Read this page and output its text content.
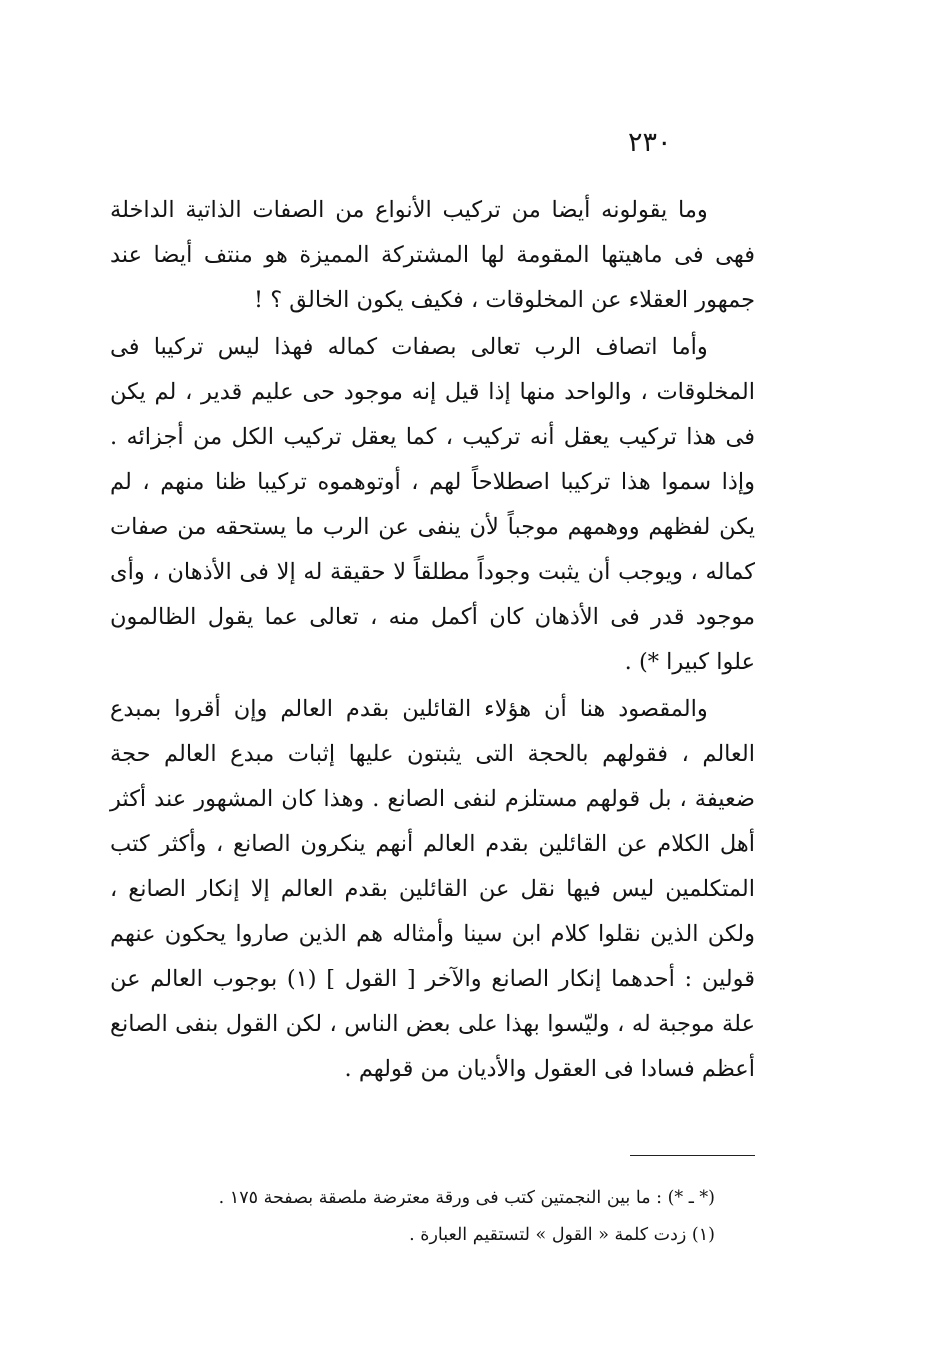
٢٣٠

وما يقولونه أيضا من تركيب الأنواع من الصفات الذاتية الداخلة فهى فى ماهيتها المقومة لها المشتركة المميزة هو منتف أيضا عند جمهور العقلاء عن المخلوقات ، فكيف يكون الخالق ؟ !

وأما اتصاف الرب تعالى بصفات كماله فهذا ليس تركيبا فى المخلوقات ، والواحد منها إذا قيل إنه موجود حى عليم قدير ، لم يكن فى هذا تركيب يعقل أنه تركيب ، كما يعقل تركيب الكل من أجزائه . وإذا سموا هذا تركيبا اصطلاحاً لهم ، أوتوهموه تركيبا ظنا منهم ، لم يكن لفظهم ووهمهم موجباً لأن ينفى عن الرب ما يستحقه من صفات كماله ، ويوجب أن يثبت وجوداً مطلقاً لا حقيقة له إلا فى الأذهان ، وأى موجود قدر فى الأذهان كان أكمل منه ، تعالى عما يقول الظالمون علوا كبيرا *) .

والمقصود هنا أن هؤلاء القائلين بقدم العالم وإن أقروا بمبدع العالم ، فقولهم بالحجة التى يثبتون عليها إثبات مبدع العالم حجة ضعيفة ، بل قولهم مستلزم لنفى الصانع . وهذا كان المشهور عند أكثر أهل الكلام عن القائلين بقدم العالم أنهم ينكرون الصانع ، وأكثر كتب المتكلمين ليس فيها نقل عن القائلين بقدم العالم إلا إنكار الصانع ، ولكن الذين نقلوا كلام ابن سينا وأمثاله هم الذين صاروا يحكون عنهم قولين : أحدهما إنكار الصانع والآخر [ القول ] (١) بوجوب العالم عن علة موجبة له ، وليّسوا بهذا على بعض الناس ، لكن القول بنفى الصانع أعظم فسادا فى العقول والأديان من قولهم .

(* ـ *) : ما بين النجمتين كتب فى ورقة معترضة ملصقة بصفحة ١٧٥ .

(١) زدت كلمة « القول » لتستقيم العبارة .
